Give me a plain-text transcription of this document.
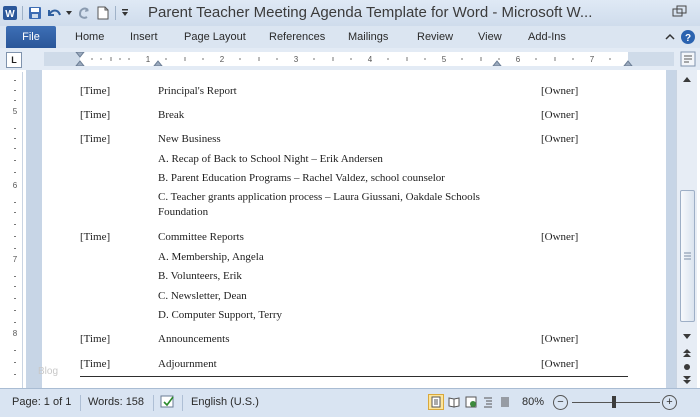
W	Parent Teacher Meeting Agenda Template for Word - Microsoft W...
File	Home Insert Page Layout References Mailings	Review View Add-Ins	?
L	1	2	3	4	5	6	7
5
6
7
8
[Time]	Principal's Report	[Owner]
[Time]	Break	[Owner]
[Time]	New Business	[Owner]
A. Recap of Back to School Night – Erik Andersen
B. Parent Education Programs – Rachel Valdez, school counselor
C. Teacher grants application process – Laura Giussani, Oakdale Schools
Foundation
[Time]	Committee Reports	[Owner]
A. Membership, Angela
B. Volunteers, Erik
C. Newsletter, Dean
D. Computer Support, Terry
[Time]	Announcements	[Owner]
[Time]	Adjournment	[Owner]
Blog
Page: 1 of 1 Words: 158	English (U.S.)	80%	−	+
